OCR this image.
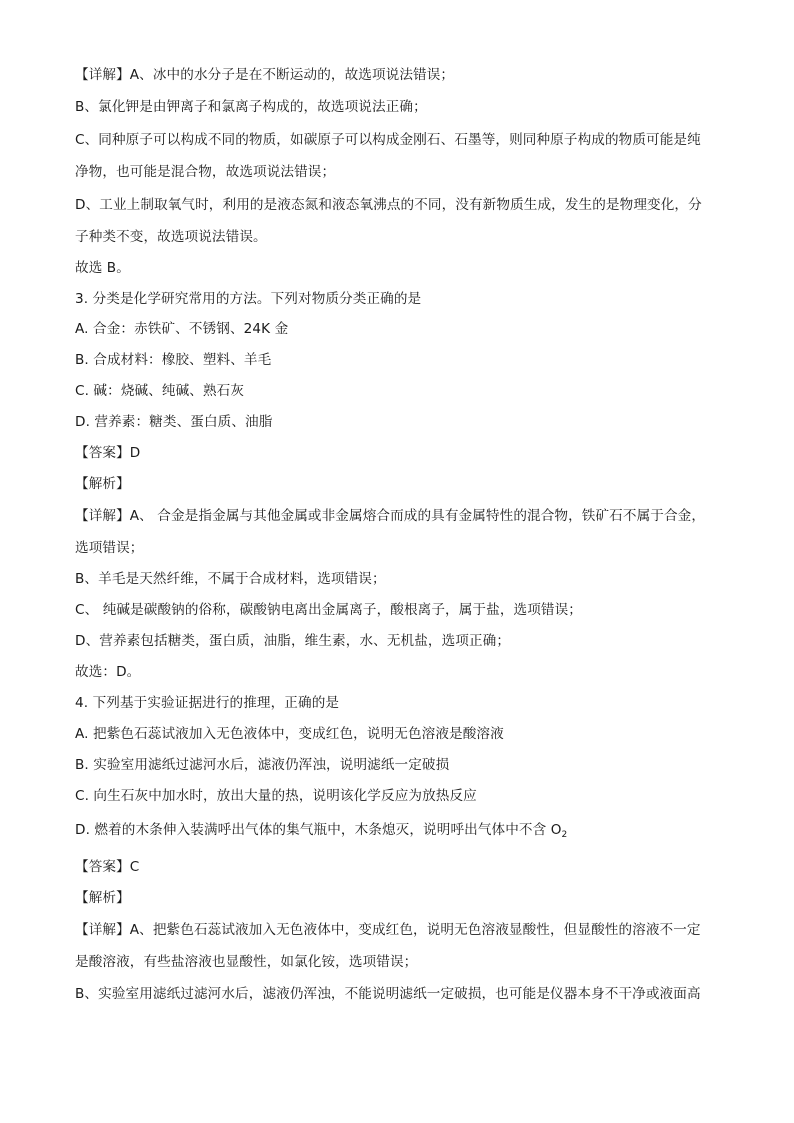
【详解】A、冰中的水分子是在不断运动的，故选项说法错误；
B、氯化钾是由钾离子和氯离子构成的，故选项说法正确；
C、同种原子可以构成不同的物质，如碳原子可以构成金刚石、石墨等，则同种原子构成的物质可能是纯
净物，也可能是混合物，故选项说法错误；
D、工业上制取氧气时，利用的是液态氮和液态氧沸点的不同，没有新物质生成，发生的是物理变化，分
子种类不变，故选项说法错误。
故选 B。
3. 分类是化学研究常用的方法。下列对物质分类正确的是
A. 合金：赤铁矿、不锈钢、24K 金
B. 合成材料：橡胶、塑料、羊毛
C. 碱：烧碱、纯碱、熟石灰
D. 营养素：糖类、蛋白质、油脂
【答案】D
【解析】
【详解】A、 合金是指金属与其他金属或非金属熔合而成的具有金属特性的混合物，铁矿石不属于合金，
选项错误；
B、羊毛是天然纤维，不属于合成材料，选项错误；
C、 纯碱是碳酸钠的俗称，碳酸钠电离出金属离子，酸根离子，属于盐，选项错误；
D、营养素包括糖类，蛋白质，油脂，维生素，水、无机盐，选项正确；
故选：D。
4. 下列基于实验证据进行的推理，正确的是
A. 把紫色石蕊试液加入无色液体中，变成红色，说明无色溶液是酸溶液
B. 实验室用滤纸过滤河水后，滤液仍浑浊，说明滤纸一定破损
C. 向生石灰中加水时，放出大量的热，说明该化学反应为放热反应
D. 燃着的木条伸入装满呼出气体的集气瓶中，木条熄灭，说明呼出气体中不含 $O_2$
【答案】C
【解析】
【详解】A、把紫色石蕊试液加入无色液体中，变成红色，说明无色溶液显酸性，但显酸性的溶液不一定
是酸溶液，有些盐溶液也显酸性，如氯化铵，选项错误；
B、实验室用滤纸过滤河水后，滤液仍浑浊，不能说明滤纸一定破损，也可能是仪器本身不干净或液面高
